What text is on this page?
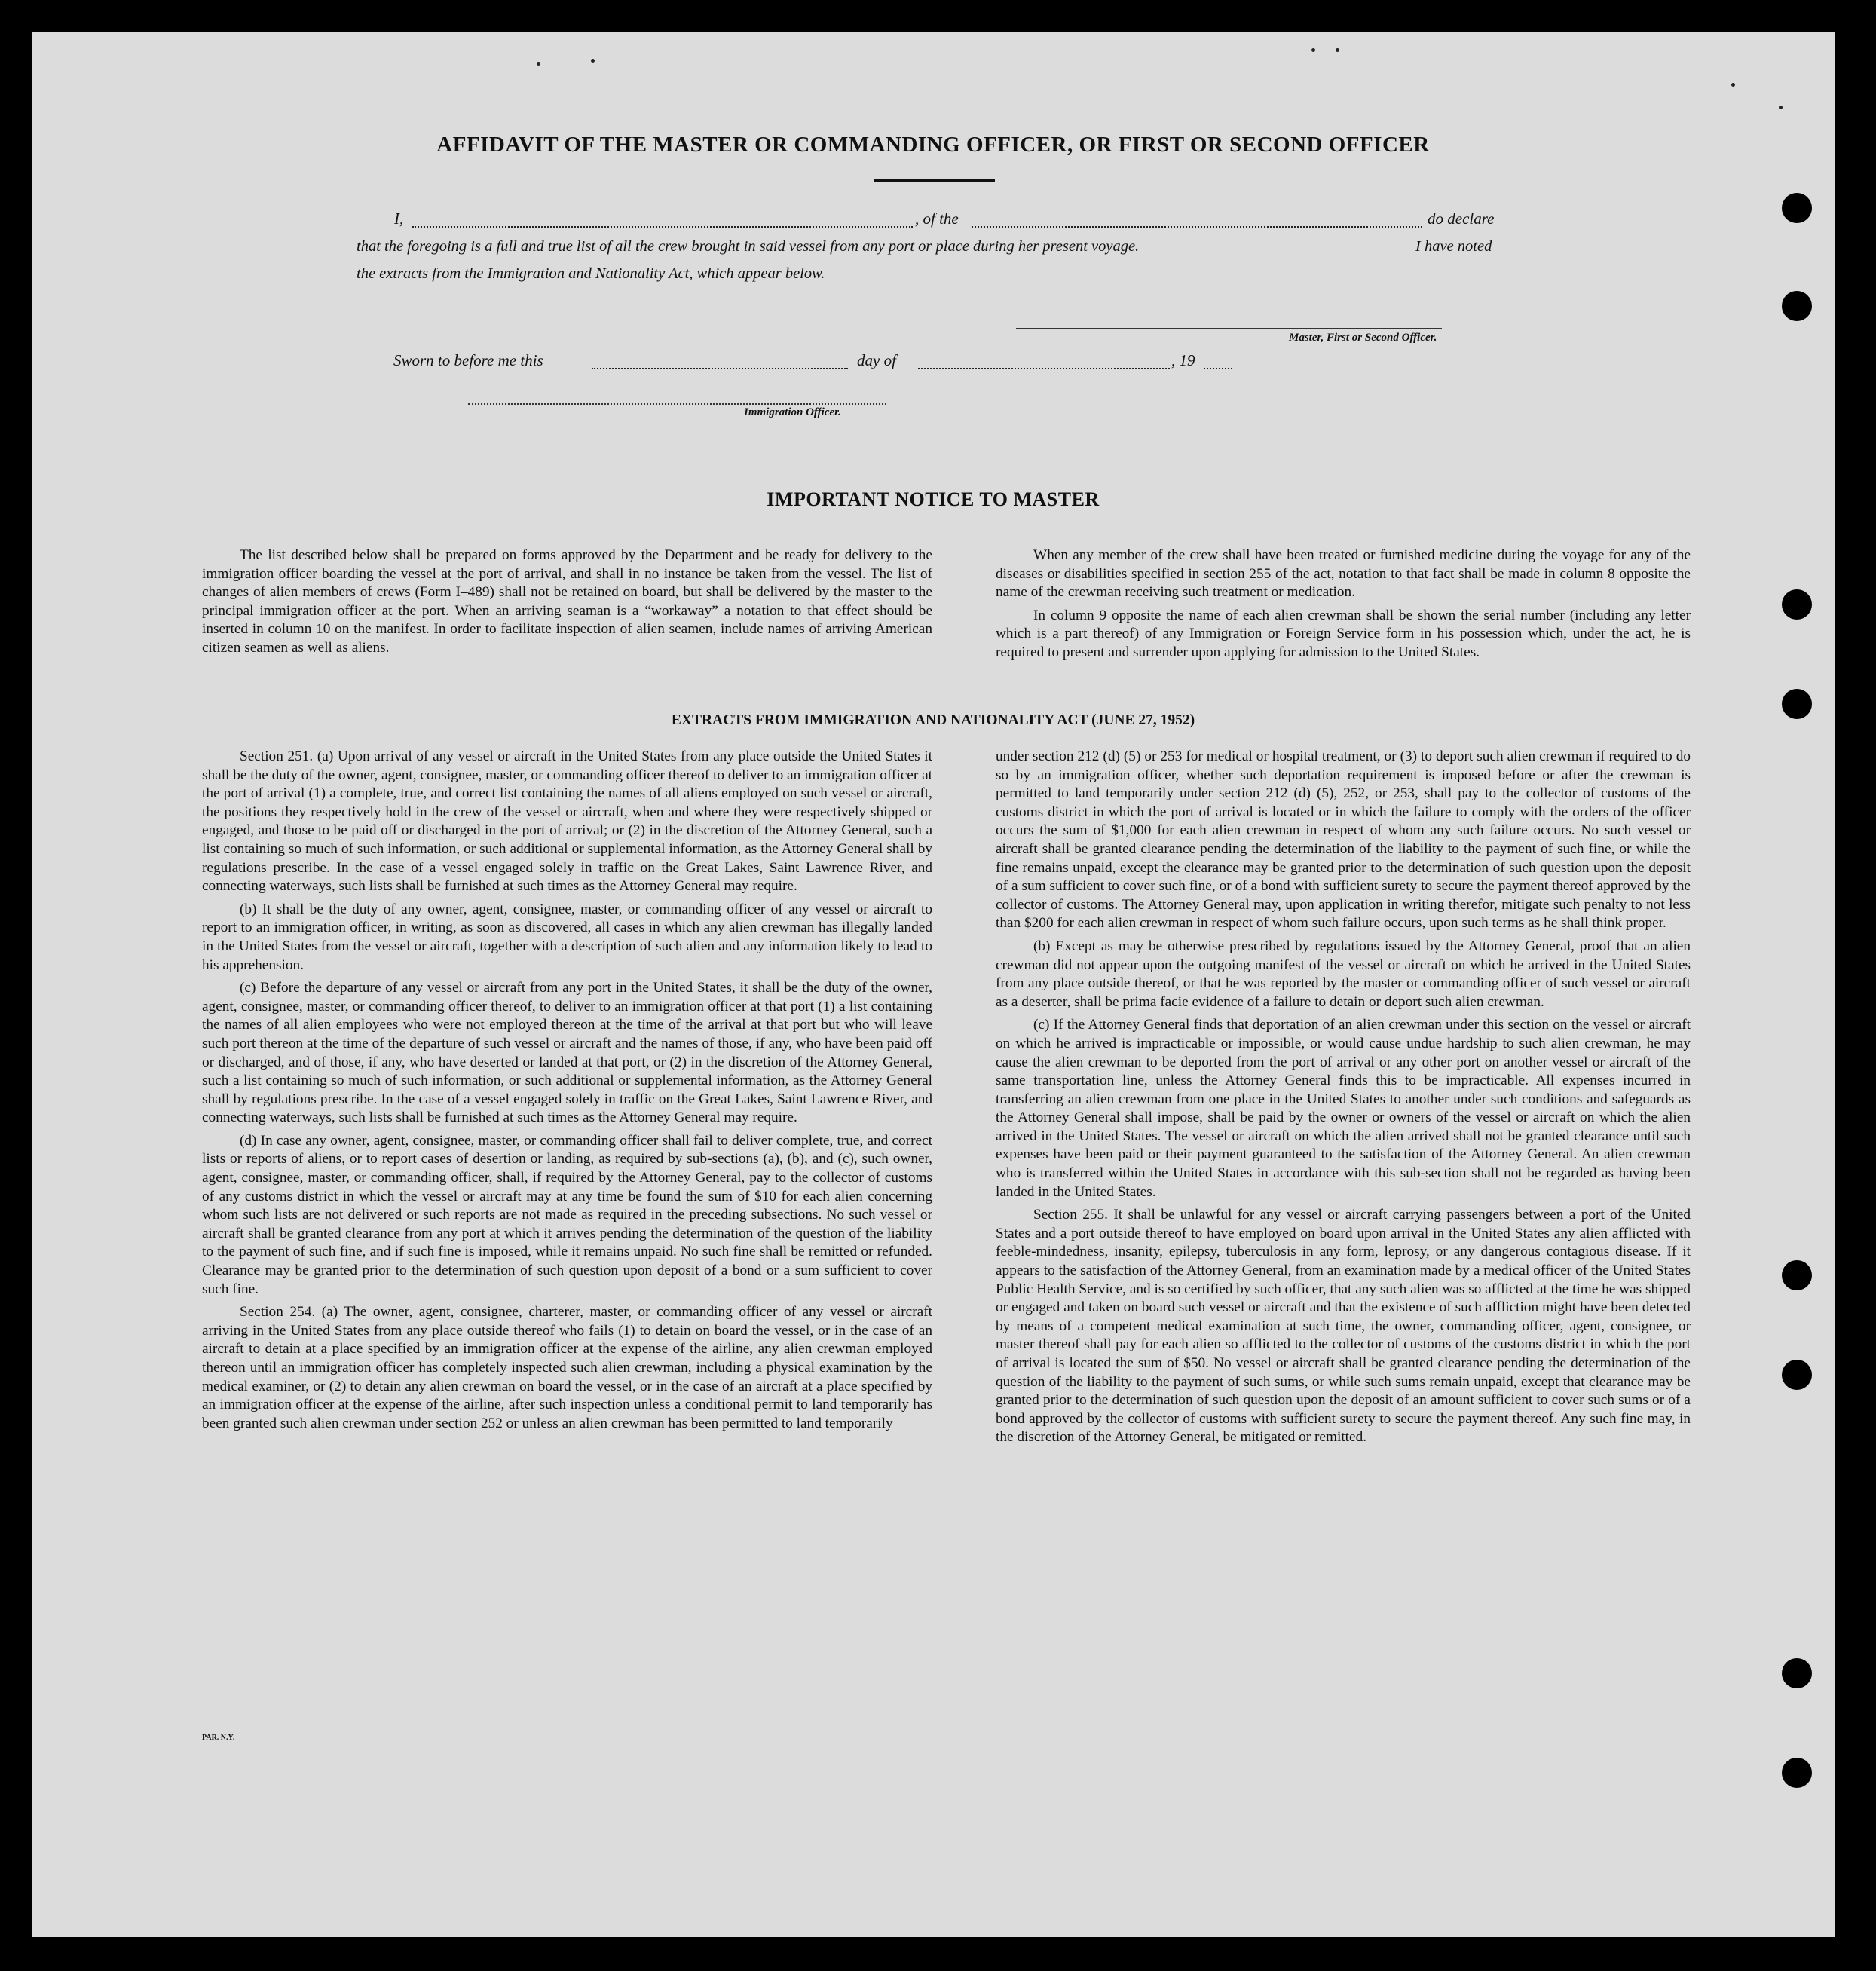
AFFIDAVIT OF THE MASTER OR COMMANDING OFFICER, OR FIRST OR SECOND OFFICER
I,	, of the	do declare
that the foregoing is a full and true list of all the crew brought in said vessel from any port or place during her present voyage.	I have noted
the extracts from the Immigration and Nationality Act, which appear below.
Master, First or Second Officer.
Sworn to before me this	day of	, 19
Immigration Officer.
IMPORTANT NOTICE TO MASTER

The list described below shall be prepared on forms approved by the Department and be ready for delivery to the immigration officer boarding the vessel at the port of arrival, and shall in no instance be taken from the vessel. The list of changes of alien members of crews (Form I–489) shall not be retained on board, but shall be delivered by the master to the principal immigration officer at the port. When an arriving seaman is a “workaway” a notation to that effect should be inserted in column 10 on the manifest. In order to facilitate inspection of alien seamen, include names of arriving American citizen seamen as well as aliens.

When any member of the crew shall have been treated or furnished medicine during the voyage for any of the diseases or disabilities specified in section 255 of the act, notation to that fact shall be made in column 8 opposite the name of the crewman receiving such treatment or medication.

In column 9 opposite the name of each alien crewman shall be shown the serial number (including any letter which is a part thereof) of any Immigration or Foreign Service form in his possession which, under the act, he is required to present and surrender upon applying for admission to the United States.

EXTRACTS FROM IMMIGRATION AND NATIONALITY ACT (JUNE 27, 1952)

Section 251. (a) Upon arrival of any vessel or aircraft in the United States from any place outside the United States it shall be the duty of the owner, agent, consignee, master, or commanding officer thereof to deliver to an immigration officer at the port of arrival (1) a complete, true, and correct list containing the names of all aliens employed on such vessel or aircraft, the positions they respectively hold in the crew of the vessel or aircraft, when and where they were respectively shipped or engaged, and those to be paid off or discharged in the port of arrival; or (2) in the discretion of the Attorney General, such a list containing so much of such information, or such additional or supplemental information, as the Attorney General shall by regulations prescribe. In the case of a vessel engaged solely in traffic on the Great Lakes, Saint Lawrence River, and connecting waterways, such lists shall be furnished at such times as the Attorney General may require.

(b) It shall be the duty of any owner, agent, consignee, master, or commanding officer of any vessel or aircraft to report to an immigration officer, in writing, as soon as discovered, all cases in which any alien crewman has illegally landed in the United States from the vessel or aircraft, together with a description of such alien and any information likely to lead to his apprehension.

(c) Before the departure of any vessel or aircraft from any port in the United States, it shall be the duty of the owner, agent, consignee, master, or commanding officer thereof, to deliver to an immigration officer at that port (1) a list containing the names of all alien employees who were not employed thereon at the time of the arrival at that port but who will leave such port thereon at the time of the departure of such vessel or aircraft and the names of those, if any, who have been paid off or discharged, and of those, if any, who have deserted or landed at that port, or (2) in the discretion of the Attorney General, such a list containing so much of such information, or such additional or supplemental information, as the Attorney General shall by regulations prescribe. In the case of a vessel engaged solely in traffic on the Great Lakes, Saint Lawrence River, and connecting waterways, such lists shall be furnished at such times as the Attorney General may require.

(d) In case any owner, agent, consignee, master, or commanding officer shall fail to deliver complete, true, and correct lists or reports of aliens, or to report cases of desertion or landing, as required by sub-sections (a), (b), and (c), such owner, agent, consignee, master, or commanding officer, shall, if required by the Attorney General, pay to the collector of customs of any customs district in which the vessel or aircraft may at any time be found the sum of $10 for each alien concerning whom such lists are not delivered or such reports are not made as required in the preceding subsections. No such vessel or aircraft shall be granted clearance from any port at which it arrives pending the determination of the question of the liability to the payment of such fine, and if such fine is imposed, while it remains unpaid. No such fine shall be remitted or refunded. Clearance may be granted prior to the determination of such question upon deposit of a bond or a sum sufficient to cover such fine.

Section 254. (a) The owner, agent, consignee, charterer, master, or commanding officer of any vessel or aircraft arriving in the United States from any place outside thereof who fails (1) to detain on board the vessel, or in the case of an aircraft to detain at a place specified by an immigration officer at the expense of the airline, any alien crewman employed thereon until an immigration officer has completely inspected such alien crewman, including a physical examination by the medical examiner, or (2) to detain any alien crewman on board the vessel, or in the case of an aircraft at a place specified by an immigration officer at the expense of the airline, after such inspection unless a conditional permit to land temporarily has been granted such alien crewman under section 252 or unless an alien crewman has been permitted to land temporarily

under section 212 (d) (5) or 253 for medical or hospital treatment, or (3) to deport such alien crewman if required to do so by an immigration officer, whether such deportation requirement is imposed before or after the crewman is permitted to land temporarily under section 212 (d) (5), 252, or 253, shall pay to the collector of customs of the customs district in which the port of arrival is located or in which the failure to comply with the orders of the officer occurs the sum of $1,000 for each alien crewman in respect of whom any such failure occurs. No such vessel or aircraft shall be granted clearance pending the determination of the liability to the payment of such fine, or while the fine remains unpaid, except the clearance may be granted prior to the determination of such question upon the deposit of a sum sufficient to cover such fine, or of a bond with sufficient surety to secure the payment thereof approved by the collector of customs. The Attorney General may, upon application in writing therefor, mitigate such penalty to not less than $200 for each alien crewman in respect of whom such failure occurs, upon such terms as he shall think proper.

(b) Except as may be otherwise prescribed by regulations issued by the Attorney General, proof that an alien crewman did not appear upon the outgoing manifest of the vessel or aircraft on which he arrived in the United States from any place outside thereof, or that he was reported by the master or commanding officer of such vessel or aircraft as a deserter, shall be prima facie evidence of a failure to detain or deport such alien crewman.

(c) If the Attorney General finds that deportation of an alien crewman under this section on the vessel or aircraft on which he arrived is impracticable or impossible, or would cause undue hardship to such alien crewman, he may cause the alien crewman to be deported from the port of arrival or any other port on another vessel or aircraft of the same transportation line, unless the Attorney General finds this to be impracticable. All expenses incurred in transferring an alien crewman from one place in the United States to another under such conditions and safeguards as the Attorney General shall impose, shall be paid by the owner or owners of the vessel or aircraft on which the alien arrived in the United States. The vessel or aircraft on which the alien arrived shall not be granted clearance until such expenses have been paid or their payment guaranteed to the satisfaction of the Attorney General. An alien crewman who is transferred within the United States in accordance with this sub-section shall not be regarded as having been landed in the United States.

Section 255. It shall be unlawful for any vessel or aircraft carrying passengers between a port of the United States and a port outside thereof to have employed on board upon arrival in the United States any alien afflicted with feeble-mindedness, insanity, epilepsy, tuberculosis in any form, leprosy, or any dangerous contagious disease. If it appears to the satisfaction of the Attorney General, from an examination made by a medical officer of the United States Public Health Service, and is so certified by such officer, that any such alien was so afflicted at the time he was shipped or engaged and taken on board such vessel or aircraft and that the existence of such affliction might have been detected by means of a competent medical examination at such time, the owner, commanding officer, agent, consignee, or master thereof shall pay for each alien so afflicted to the collector of customs of the customs district in which the port of arrival is located the sum of $50. No vessel or aircraft shall be granted clearance pending the determination of the question of the liability to the payment of such sums, or while such sums remain unpaid, except that clearance may be granted prior to the determination of such question upon the deposit of an amount sufficient to cover such sums or of a bond approved by the collector of customs with sufficient surety to secure the payment thereof. Any such fine may, in the discretion of the Attorney General, be mitigated or remitted.

PAR. N.Y.
